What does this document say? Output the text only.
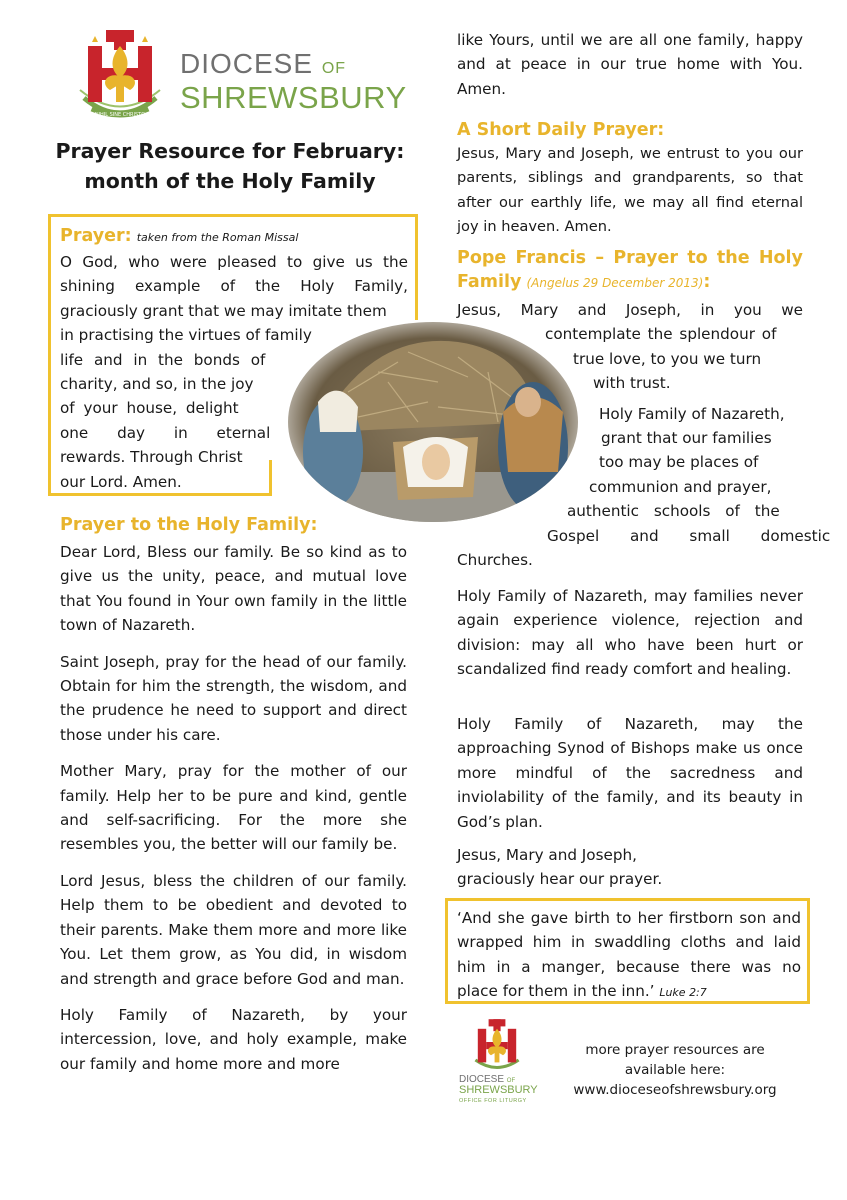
NIHIL SINE CHRISTO
DIOCESE OF
SHREWSBURY
Prayer Resource for February:
month of the Holy Family
Prayer: taken from the Roman Missal
O God, who were pleased to give us the
shining example of the Holy Family,
graciously grant that we may imitate them
in practising the virtues of family
life and in the bonds of
charity, and so, in the joy
of your house, delight
one day in eternal
rewards. Through Christ
our Lord. Amen.
Prayer to the Holy Family:

Dear Lord, Bless our family. Be so kind as to give us the unity, peace, and mutual love that You found in Your own family in the little town of Nazareth.

Saint Joseph, pray for the head of our family. Obtain for him the strength, the wisdom, and the prudence he need to support and direct those under his care.

Mother Mary, pray for the mother of our family. Help her to be pure and kind, gentle and self-sacrificing. For the more she resembles you, the better will our family be.

Lord Jesus, bless the children of our family. Help them to be obedient and devoted to their parents. Make them more and more like You. Let them grow, as You did, in wisdom and strength and grace before God and man.

Holy Family of Nazareth, by your intercession, love, and holy example, make our family and home more and more

like Yours, until we are all one family, happy and at peace in our true home with You. Amen.

A Short Daily Prayer:

Jesus, Mary and Joseph, we entrust to you our parents, siblings and grandparents, so that after our earthly life, we may all find eternal joy in heaven. Amen.

Pope Francis – Prayer to the Holy
Family (Angelus 29 December 2013):
Jesus, Mary and Joseph, in you we
contemplate the splendour of
true love, to you we turn
with trust.
Holy Family of Nazareth,
grant that our families
too may be places of
communion and prayer,
authentic schools of the
Gospel and small domestic
Churches.

Holy Family of Nazareth, may families never again experience violence, rejection and division: may all who have been hurt or scandalized find ready comfort and healing.

Holy Family of Nazareth, may the approaching Synod of Bishops make us once more mindful of the sacredness and inviolability of the family, and its beauty in God’s plan.

Jesus, Mary and Joseph,
graciously hear our prayer.
‘And she gave birth to her firstborn son and wrapped him in swaddling cloths and laid him in a manger, because there was no place for them in the inn.’ Luke 2:7
DIOCESE OF
SHREWSBURY
OFFICE FOR LITURGY
more prayer resources are
available here:
www.dioceseofshrewsbury.org
